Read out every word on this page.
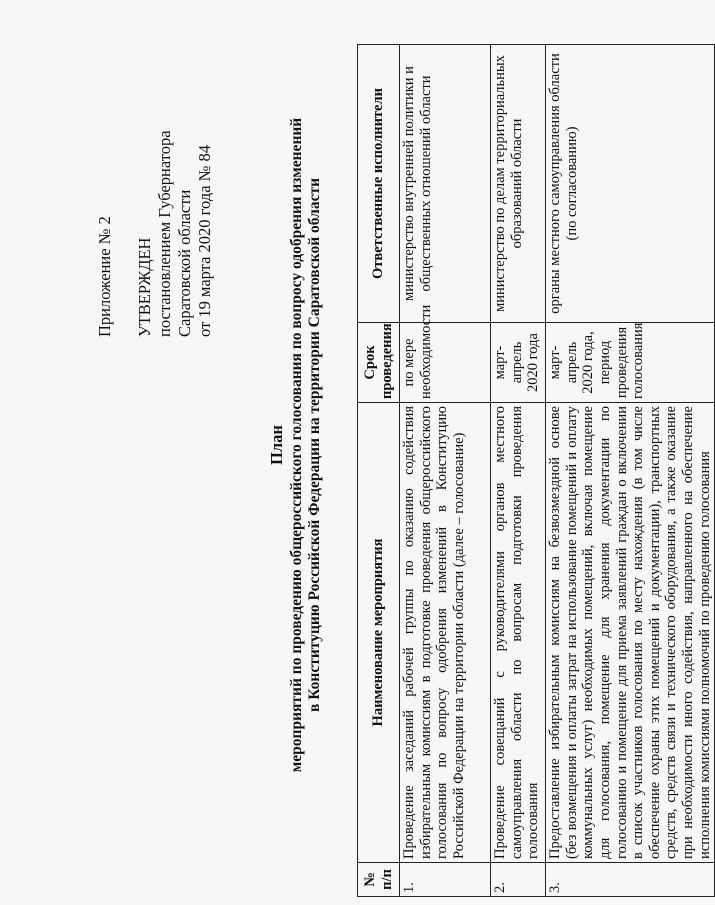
Приложение № 2 УТВЕРЖДЕН постановлением Губернатора Саратовской области от 19 марта 2020 года № 84
План мероприятий по проведению общероссийского голосования по вопросу одобрения изменений в Конституцию Российской Федерации на территории Саратовской области
№ п/п	Наименование мероприятия	Срок проведения	Ответственные исполнители
1.	Проведение заседаний рабочей группы по оказанию содействия избирательным комиссиям в подготовке проведения общероссийского голосования по вопросу одобрения изменений в Конституцию Российской Федерации на территории области (далее – голосование)	по мере необходимости	министерство внутренней политики и общественных отношений области
2.	Проведение совещаний с руководителями органов местного самоуправления области по вопросам подготовки проведения голосования	март-апрель 2020 года	министерство по делам территориальных образований области
3.	Предоставление избирательным комиссиям на безвозмездной основе (без возмещения и оплаты затрат на использование помещений и оплату коммунальных услуг) необходимых помещений, включая помещение для голосования, помещение для хранения документации по голосованию и помещение для приема заявлений граждан о включении в список участников голосования по месту нахождения (в том числе обеспечение охраны этих помещений и документации), транспортных средств, средств связи и технического оборудования, а также оказание при необходимости иного содействия, направленного на обеспечение исполнения комиссиями полномочий по проведению голосования	март-апрель 2020 года, период проведения голосования	органы местного самоуправления области (по согласованию)
